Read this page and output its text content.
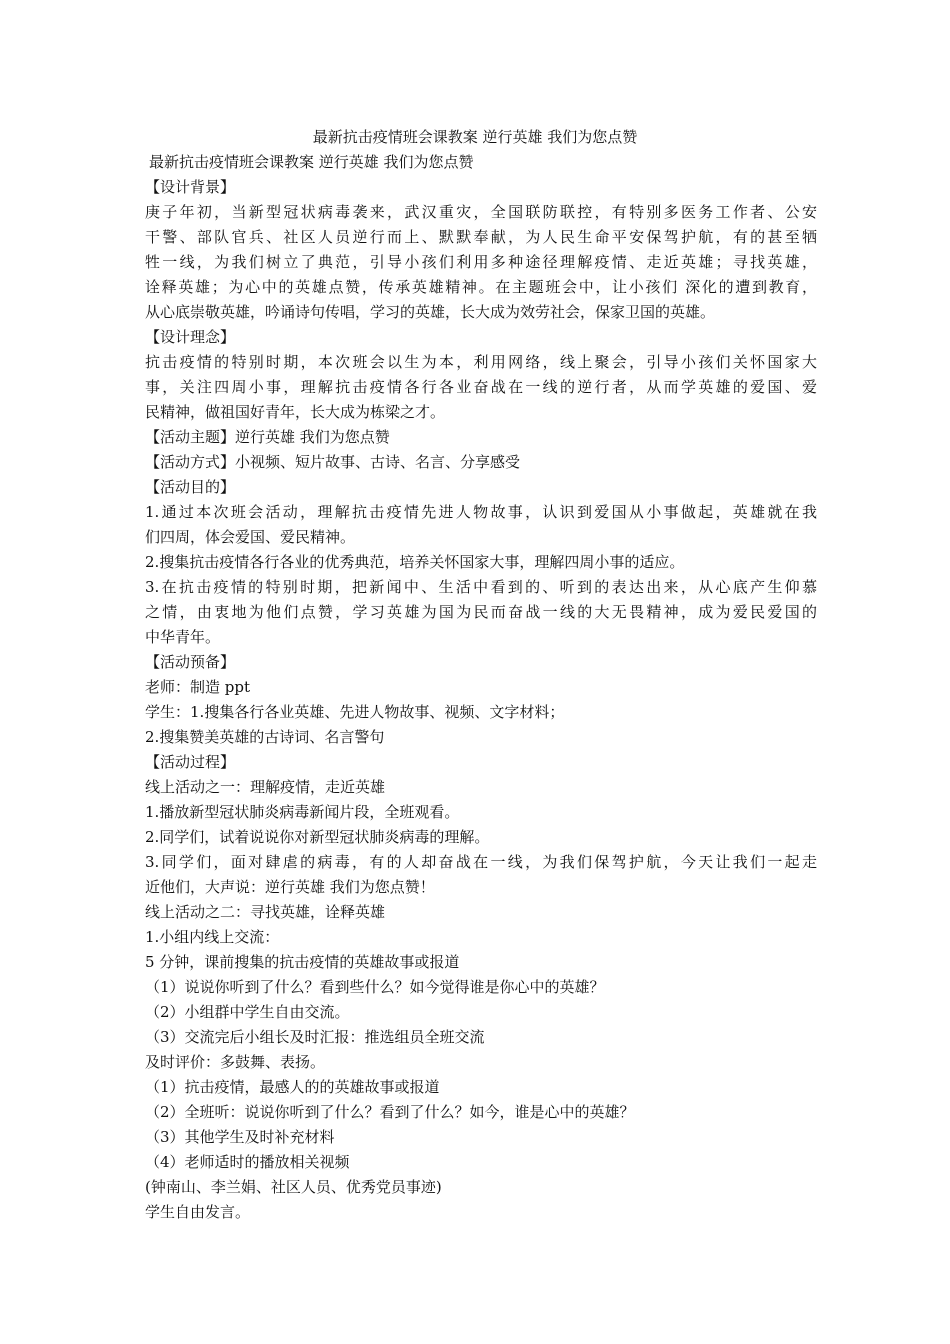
最新抗击疫情班会课教案 逆行英雄 我们为您点赞
最新抗击疫情班会课教案 逆行英雄 我们为您点赞
【设计背景】
庚子年初，当新型冠状病毒袭来，武汉重灾，全国联防联控，有特别多医务工作者、公安
干警、部队官兵、社区人员逆行而上、默默奉献，为人民生命平安保驾护航，有的甚至牺
牲一线，为我们树立了典范，引导小孩们利用多种途径理解疫情、走近英雄；寻找英雄，
诠释英雄；为心中的英雄点赞，传承英雄精神。在主题班会中，让小孩们 深化的遭到教育，
从心底崇敬英雄，吟诵诗句传唱，学习的英雄，长大成为效劳社会，保家卫国的英雄。
【设计理念】
抗击疫情的特别时期，本次班会以生为本，利用网络，线上聚会，引导小孩们关怀国家大
事，关注四周小事，理解抗击疫情各行各业奋战在一线的逆行者，从而学英雄的爱国、爱
民精神，做祖国好青年，长大成为栋梁之才。
【活动主题】逆行英雄 我们为您点赞
【活动方式】小视频、短片故事、古诗、名言、分享感受
【活动目的】
1.通过本次班会活动，理解抗击疫情先进人物故事，认识到爱国从小事做起，英雄就在我
们四周，体会爱国、爱民精神。
2.搜集抗击疫情各行各业的优秀典范，培养关怀国家大事，理解四周小事的适应。
3.在抗击疫情的特别时期，把新闻中、生活中看到的、听到的表达出来，从心底产生仰慕
之情，由衷地为他们点赞，学习英雄为国为民而奋战一线的大无畏精神，成为爱民爱国的
中华青年。
【活动预备】
老师：制造 ppt
学生：1.搜集各行各业英雄、先进人物故事、视频、文字材料；
2.搜集赞美英雄的古诗词、名言警句
【活动过程】
线上活动之一：理解疫情，走近英雄
1.播放新型冠状肺炎病毒新闻片段，全班观看。
2.同学们，试着说说你对新型冠状肺炎病毒的理解。
3.同学们，面对肆虐的病毒，有的人却奋战在一线，为我们保驾护航，今天让我们一起走
近他们，大声说：逆行英雄 我们为您点赞！
线上活动之二：寻找英雄，诠释英雄
1.小组内线上交流：
5 分钟，课前搜集的抗击疫情的英雄故事或报道
（1）说说你听到了什么？看到些什么？如今觉得谁是你心中的英雄？
（2）小组群中学生自由交流。
（3）交流完后小组长及时汇报：推选组员全班交流
及时评价：多鼓舞、表扬。
（1）抗击疫情，最感人的的英雄故事或报道
（2）全班听：说说你听到了什么？看到了什么？如今，谁是心中的英雄？
（3）其他学生及时补充材料
（4）老师适时的播放相关视频
(钟南山、李兰娟、社区人员、优秀党员事迹)
学生自由发言。
